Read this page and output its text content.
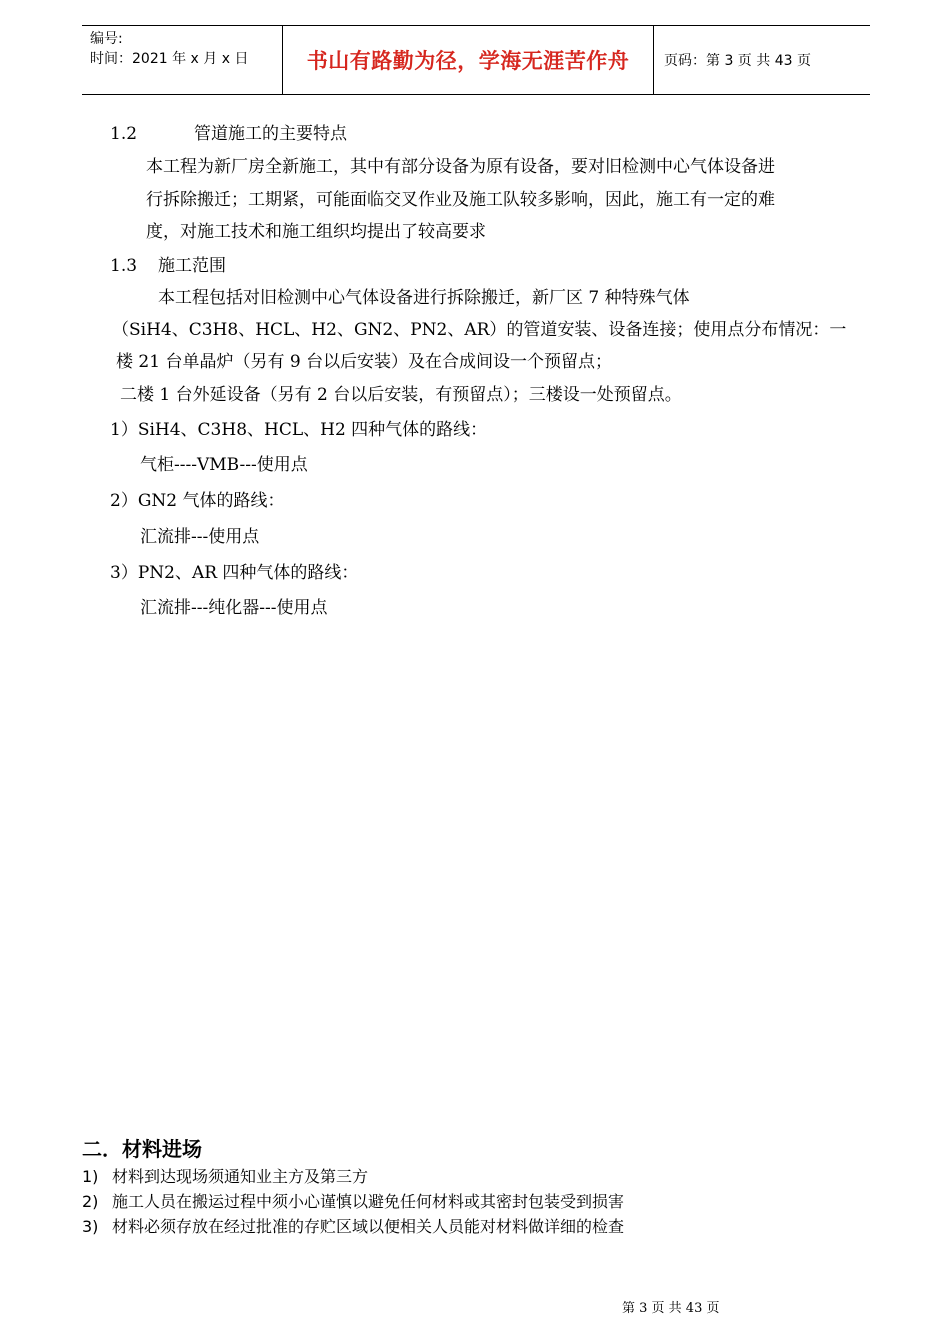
编号:
时间：2021 年 x 月 x 日	书山有路勤为径，学海无涯苦作舟	页码：第 3 页 共 43 页
1.2	管道施工的主要特点
本工程为新厂房全新施工，其中有部分设备为原有设备，要对旧检测中心气体设备进
行拆除搬迁；工期紧，可能面临交叉作业及施工队较多影响，因此，施工有一定的难
度，对施工技术和施工组织均提出了较高要求
1.3 施工范围
本工程包括对旧检测中心气体设备进行拆除搬迁，新厂区 7 种特殊气体
（SiH4、C3H8、HCL、H2、GN2、PN2、AR）的管道安装、设备连接；使用点分布情况：一
楼 21 台单晶炉（另有 9 台以后安装）及在合成间设一个预留点；
二楼 1 台外延设备（另有 2 台以后安装，有预留点）；三楼设一处预留点。
1）SiH4、C3H8、HCL、H2 四种气体的路线：
气柜----VMB---使用点
2）GN2 气体的路线：
汇流排---使用点
3）PN2、AR 四种气体的路线：
汇流排---纯化器---使用点
二．材料进场
1) 材料到达现场须通知业主方及第三方
2) 施工人员在搬运过程中须小心谨慎以避免任何材料或其密封包装受到损害
3) 材料必须存放在经过批准的存贮区域以便相关人员能对材料做详细的检查
第 3 页 共 43 页
